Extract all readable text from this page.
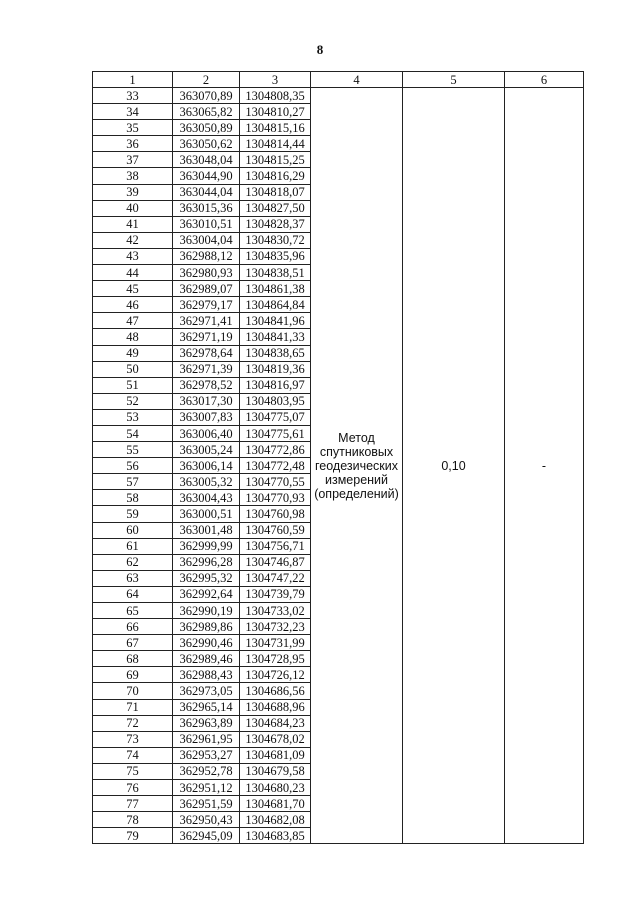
8
1	2	3	4	5	6
33	363070,89	1304808,35	Метод
спутниковых
геодезических
измерений
(определений)	0,10	-
34	363065,82	1304810,27			
35	363050,89	1304815,16			
36	363050,62	1304814,44			
37	363048,04	1304815,25			
38	363044,90	1304816,29			
39	363044,04	1304818,07			
40	363015,36	1304827,50			
41	363010,51	1304828,37			
42	363004,04	1304830,72			
43	362988,12	1304835,96			
44	362980,93	1304838,51			
45	362989,07	1304861,38			
46	362979,17	1304864,84			
47	362971,41	1304841,96			
48	362971,19	1304841,33			
49	362978,64	1304838,65			
50	362971,39	1304819,36			
51	362978,52	1304816,97			
52	363017,30	1304803,95			
53	363007,83	1304775,07			
54	363006,40	1304775,61			
55	363005,24	1304772,86			
56	363006,14	1304772,48			
57	363005,32	1304770,55			
58	363004,43	1304770,93			
59	363000,51	1304760,98			
60	363001,48	1304760,59			
61	362999,99	1304756,71			
62	362996,28	1304746,87			
63	362995,32	1304747,22			
64	362992,64	1304739,79			
65	362990,19	1304733,02			
66	362989,86	1304732,23			
67	362990,46	1304731,99			
68	362989,46	1304728,95			
69	362988,43	1304726,12			
70	362973,05	1304686,56			
71	362965,14	1304688,96			
72	362963,89	1304684,23			
73	362961,95	1304678,02			
74	362953,27	1304681,09			
75	362952,78	1304679,58			
76	362951,12	1304680,23			
77	362951,59	1304681,70			
78	362950,43	1304682,08			
79	362945,09	1304683,85			
